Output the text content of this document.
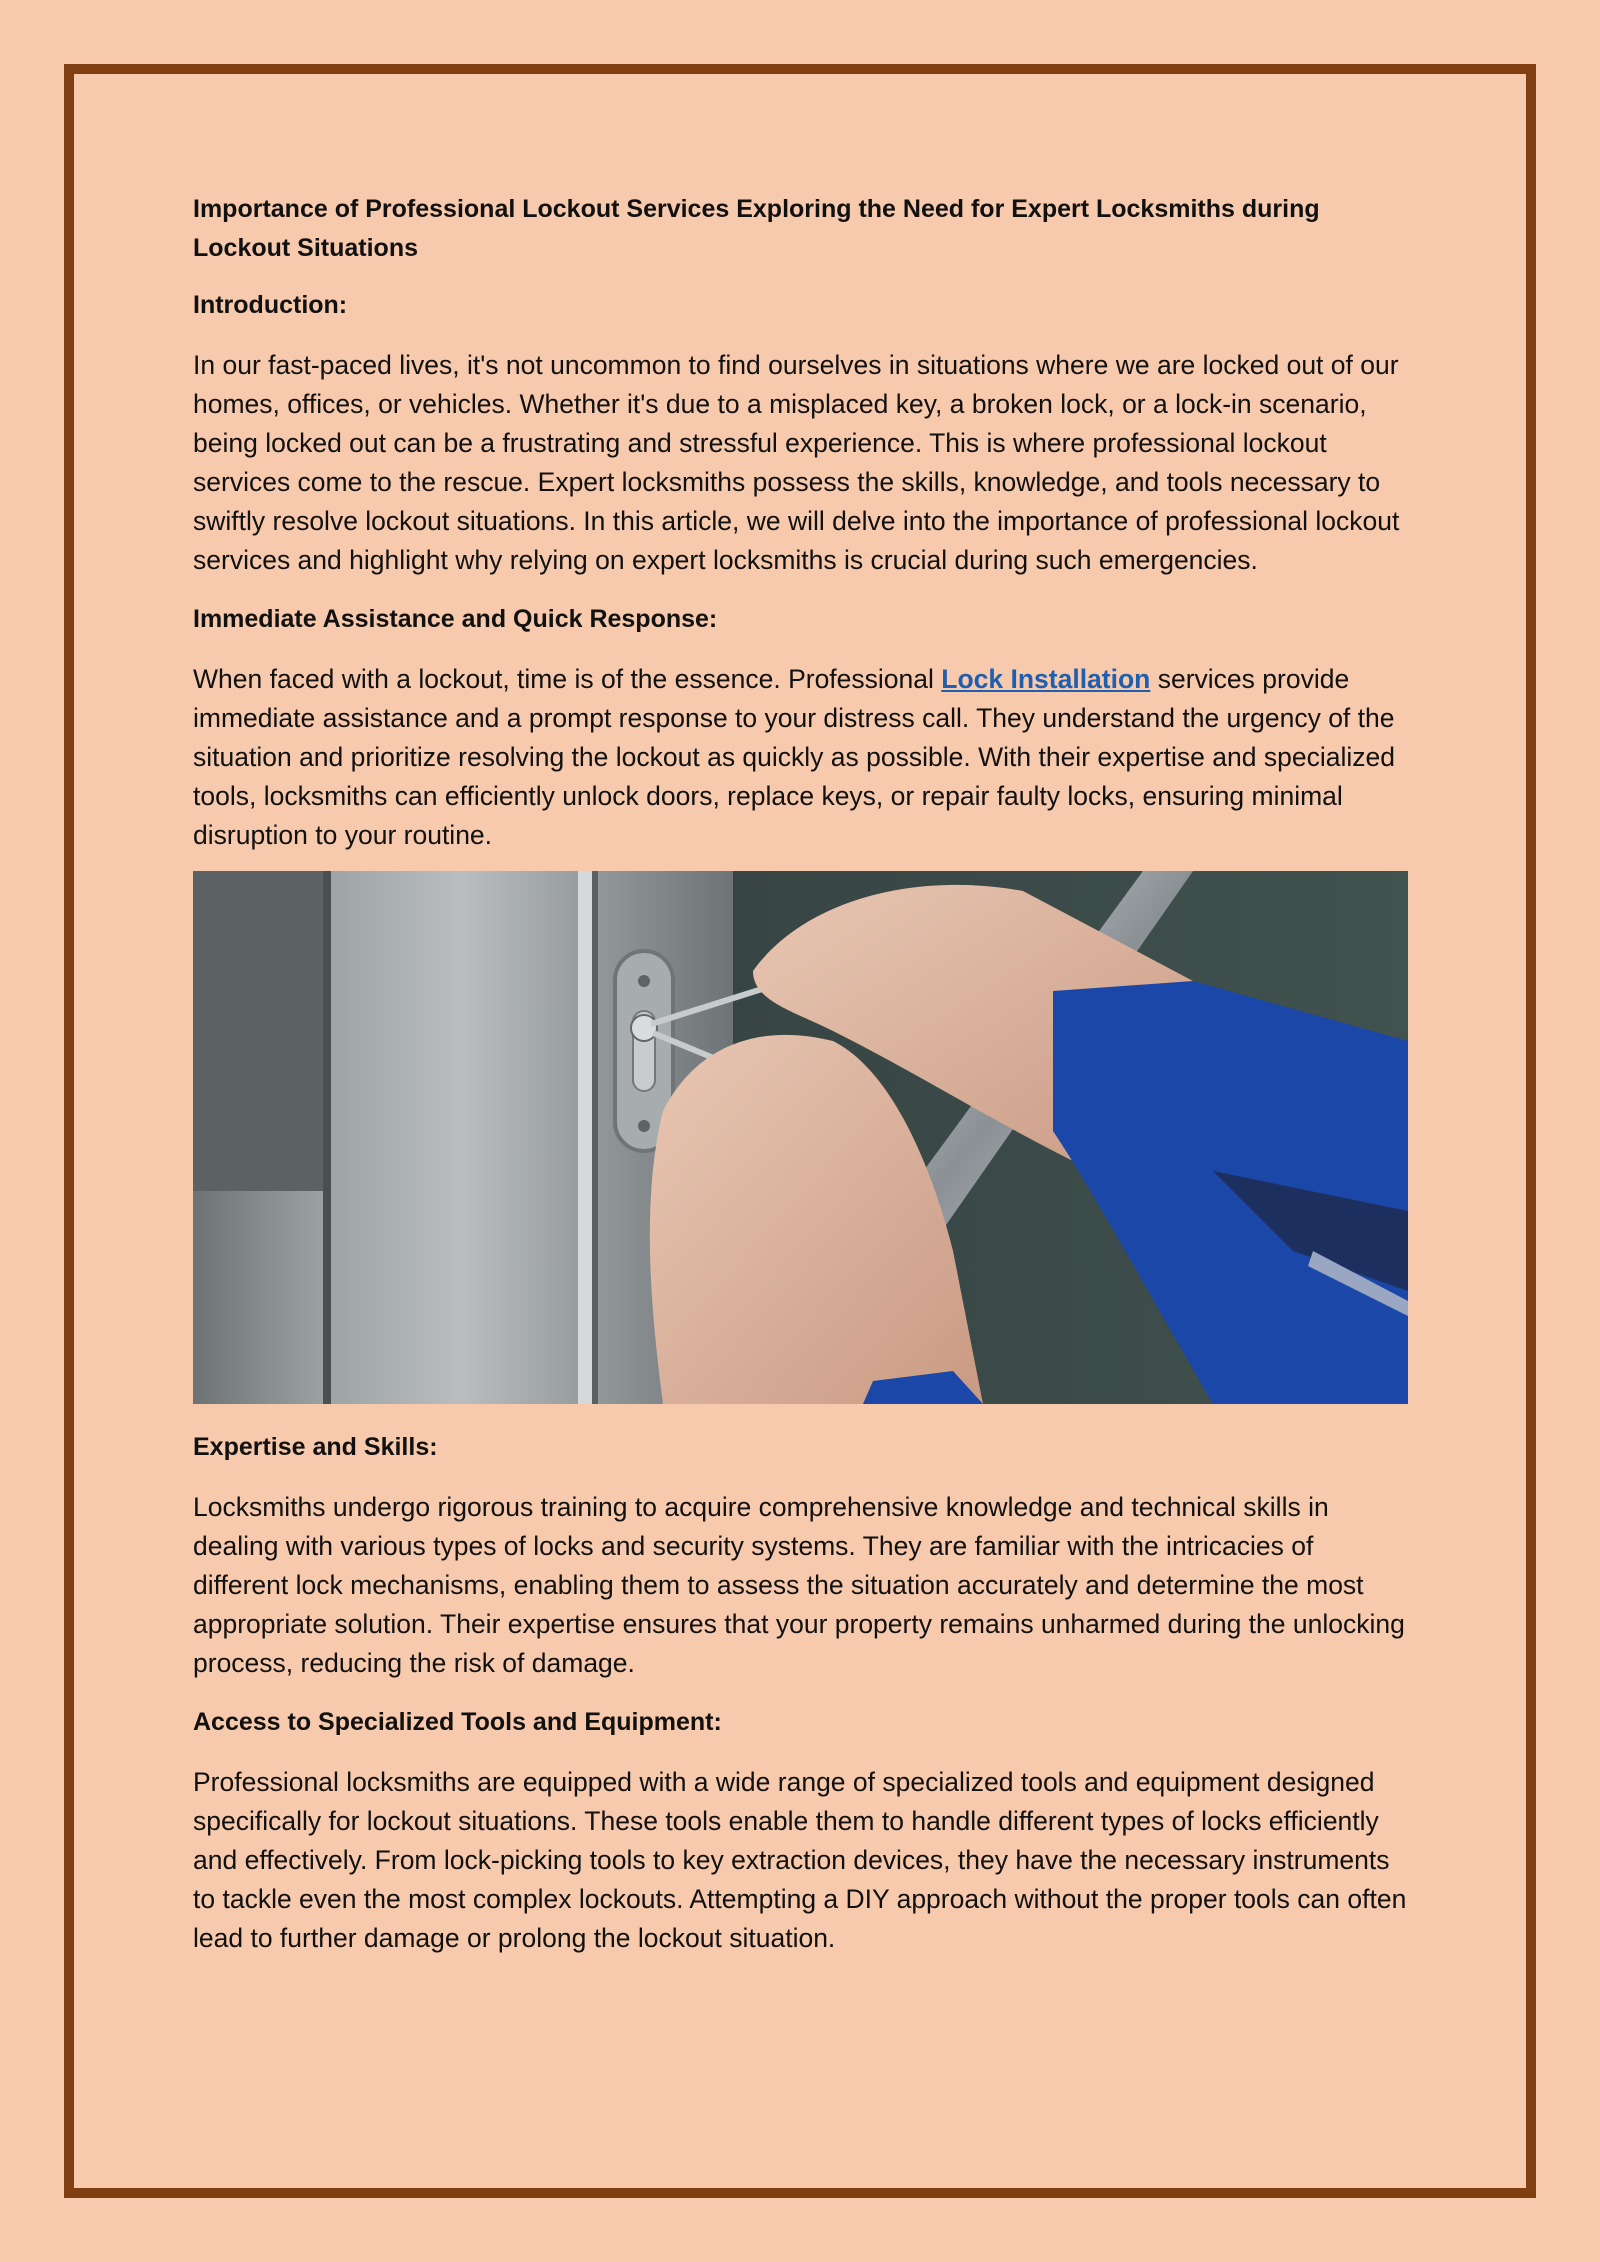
Importance of Professional Lockout Services Exploring the Need for Expert Locksmiths during Lockout Situations

Introduction:

In our fast-paced lives, it's not uncommon to find ourselves in situations where we are locked out of our homes, offices, or vehicles. Whether it's due to a misplaced key, a broken lock, or a lock-in scenario, being locked out can be a frustrating and stressful experience. This is where professional lockout services come to the rescue. Expert locksmiths possess the skills, knowledge, and tools necessary to swiftly resolve lockout situations. In this article, we will delve into the importance of professional lockout services and highlight why relying on expert locksmiths is crucial during such emergencies.

Immediate Assistance and Quick Response:

When faced with a lockout, time is of the essence. Professional Lock Installation services provide immediate assistance and a prompt response to your distress call. They understand the urgency of the situation and prioritize resolving the lockout as quickly as possible. With their expertise and specialized tools, locksmiths can efficiently unlock doors, replace keys, or repair faulty locks, ensuring minimal disruption to your routine.

Expertise and Skills:

Locksmiths undergo rigorous training to acquire comprehensive knowledge and technical skills in dealing with various types of locks and security systems. They are familiar with the intricacies of different lock mechanisms, enabling them to assess the situation accurately and determine the most appropriate solution. Their expertise ensures that your property remains unharmed during the unlocking process, reducing the risk of damage.

Access to Specialized Tools and Equipment:

Professional locksmiths are equipped with a wide range of specialized tools and equipment designed specifically for lockout situations. These tools enable them to handle different types of locks efficiently and effectively. From lock-picking tools to key extraction devices, they have the necessary instruments to tackle even the most complex lockouts. Attempting a DIY approach without the proper tools can often lead to further damage or prolong the lockout situation.
